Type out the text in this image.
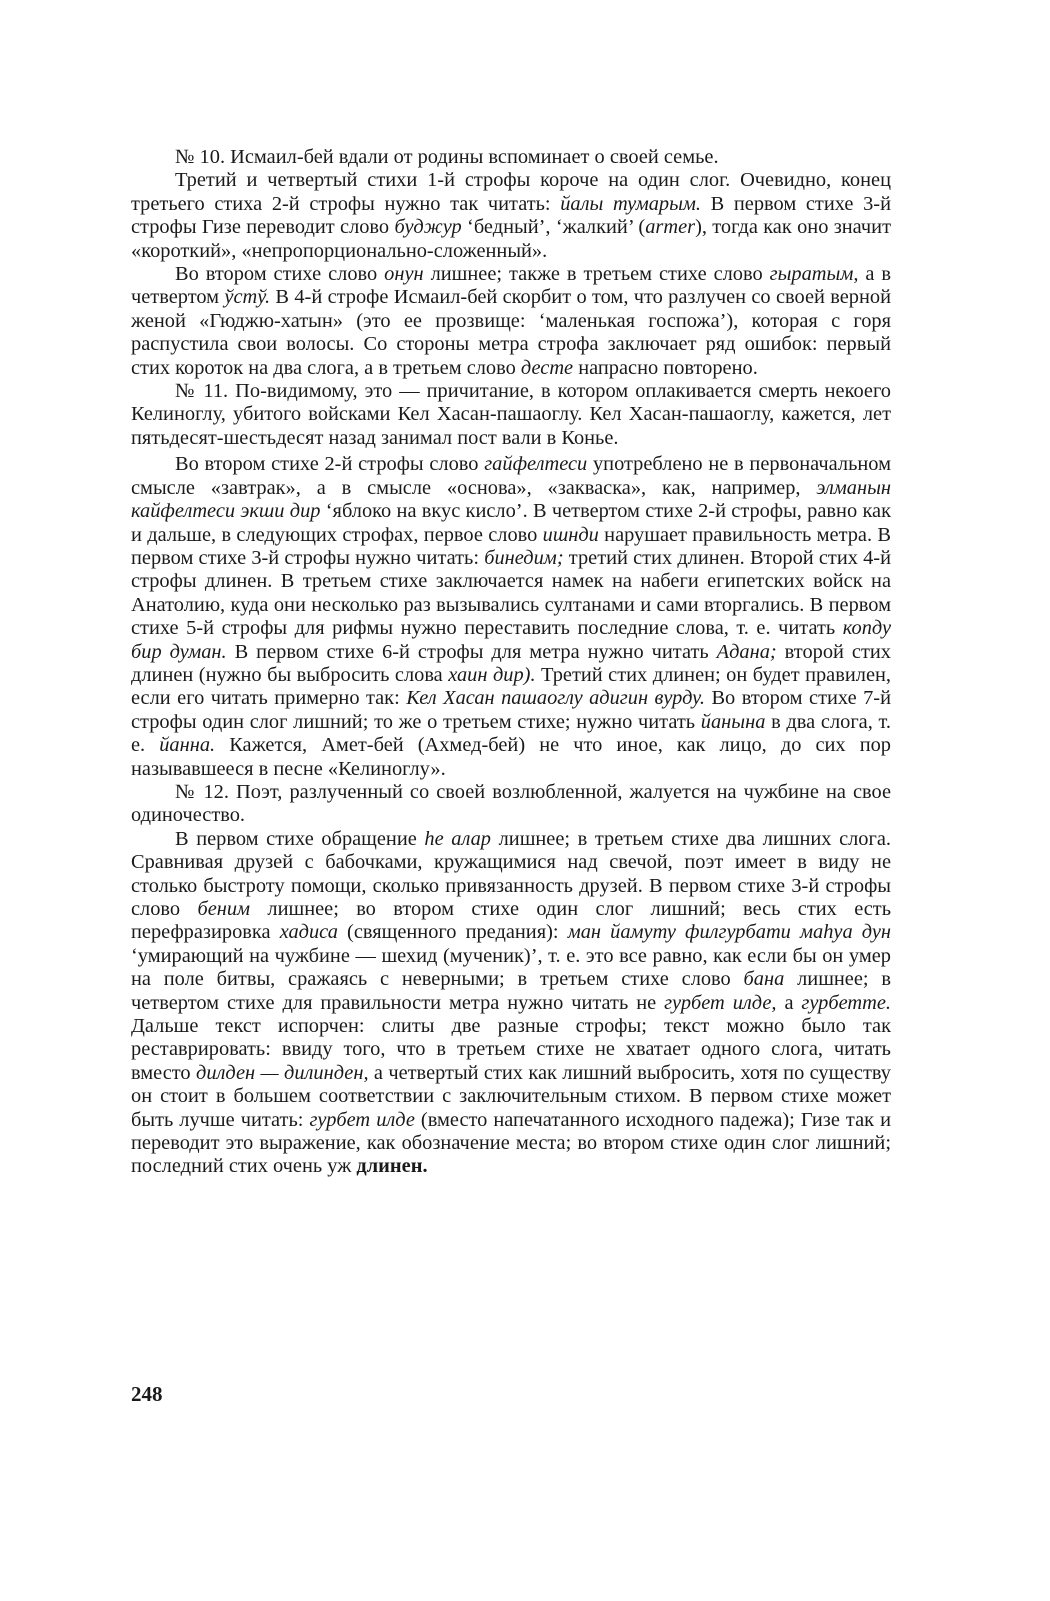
№ 10. Исмаил-бей вдали от родины вспоминает о своей семье.

Третий и четвертый стихи 1-й строфы короче на один слог. Очевидно, конец третьего стиха 2-й строфы нужно так читать: йалы тумарым. В первом стихе 3-й строфы Гизе переводит слово буджур ‘бедный’, ‘жалкий’ (armer), тогда как оно значит «короткий», «непропорционально-сложенный».

Во втором стихе слово онун лишнее; также в третьем стихе слово гыратым, а в четвертом ўстў. В 4-й строфе Исмаил-бей скорбит о том, что разлучен со своей верной женой «Гюджю-хатын» (это ее прозвище: ‘маленькая госпожа’), которая с горя распустила свои волосы. Со стороны метра строфа заключает ряд ошибок: первый стих короток на два слога, а в третьем слово десте напрасно повторено.

№ 11. По-видимому, это — причитание, в котором оплакивается смерть некоего Келиноглу, убитого войсками Кел Хасан-пашаоглу. Кел Хасан-пашаоглу, кажется, лет пятьдесят-шестьдесят назад занимал пост вали в Конье.

Во втором стихе 2-й строфы слово гайфелтеси употреблено не в первоначальном смысле «завтрак», а в смысле «основа», «закваска», как, например, элманын кайфелтеси экши дир ‘яблоко на вкус кисло’. В четвертом стихе 2-й строфы, равно как и дальше, в следующих строфах, первое слово ишнди нарушает правильность метра. В первом стихе 3-й строфы нужно читать: бинедим; третий стих длинен. Второй стих 4-й строфы длинен. В третьем стихе заключается намек на набеги египетских войск на Анатолию, куда они несколько раз вызывались султанами и сами вторгались. В первом стихе 5-й строфы для рифмы нужно переставить последние слова, т. е. читать копду бир думан. В первом стихе 6-й строфы для метра нужно читать Адана; второй стих длинен (нужно бы выбросить слова хаин дир). Третий стих длинен; он будет правилен, если его читать примерно так: Кел Хасан пашаоглу адигин вурду. Во втором стихе 7-й строфы один слог лишний; то же о третьем стихе; нужно читать йанына в два слога, т. е. йанна. Кажется, Амет-бей (Ахмед-бей) не что иное, как лицо, до сих пор называвшееся в песне «Келиноглу».

№ 12. Поэт, разлученный со своей возлюбленной, жалуется на чужбине на свое одиночество.

В первом стихе обращение hе алар лишнее; в третьем стихе два лишних слога. Сравнивая друзей с бабочками, кружащимися над свечой, поэт имеет в виду не столько быстроту помощи, сколько привязанность друзей. В первом стихе 3-й строфы слово беним лишнее; во втором стихе один слог лишний; весь стих есть перефразировка хадиса (священного предания): ман йамуту филгурбати маhуа дун ‘умирающий на чужбине — шехид (мученик)’, т. е. это все равно, как если бы он умер на поле битвы, сражаясь с неверными; в третьем стихе слово бана лишнее; в четвертом стихе для правильности метра нужно читать не гурбет илде, а гурбетте. Дальше текст испорчен: слиты две разные строфы; текст можно было так реставрировать: ввиду того, что в третьем стихе не хватает одного слога, читать вместо дилден — дилинден, а четвертый стих как лишний выбросить, хотя по существу он стоит в большем соответствии с заключительным стихом. В первом стихе может быть лучше читать: гурбет илде (вместо напечатанного исходного падежа); Гизе так и переводит это выражение, как обозначение места; во втором стихе один слог лишний; последний стих очень уж длинен.

248
